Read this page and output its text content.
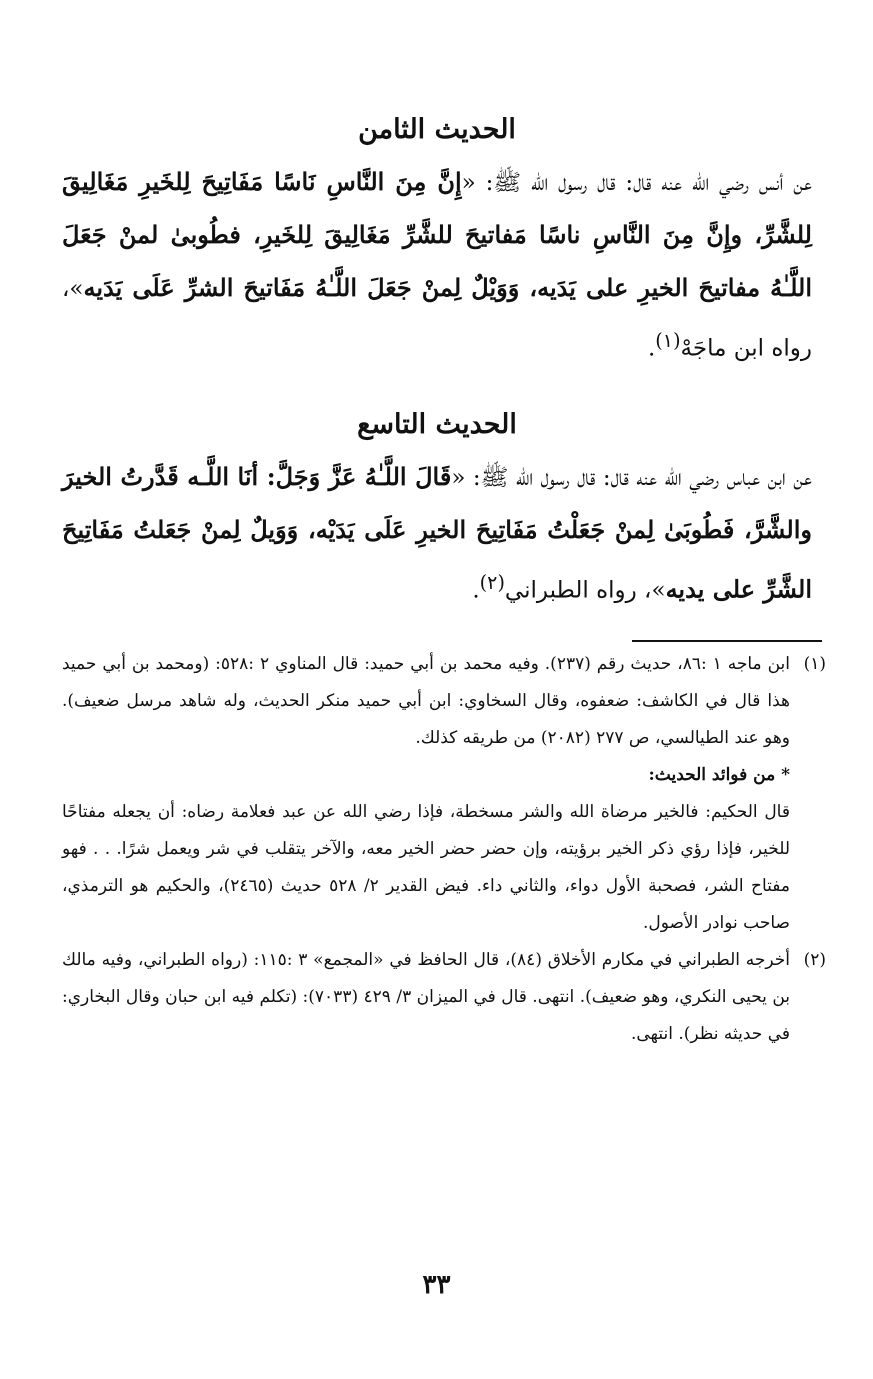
الحديث الثامن

عن أنس رضي الله عنه قال: قال رسول الله ﷺ: «إِنَّ مِنَ النَّاسِ نَاسًا مَفَاتِيحَ لِلخَيرِ مَغَالِيقَ لِلشَّرِّ، وإِنَّ مِنَ النَّاسِ ناسًا مَفاتيحَ للشَّرِّ مَغَالِيقَ لِلخَيرِ، فطُوبىٰ لمنْ جَعَلَ اللَّـٰهُ مفاتيحَ الخيرِ على يَدَيه، وَوَيْلٌ لِمنْ جَعَلَ اللَّـٰهُ مَفَاتيحَ الشرِّ عَلَى يَدَيه»، رواه ابن ماجَهْ$^{(١)}$.

الحديث التاسع

عن ابن عباس رضي الله عنه قال: قال رسول الله ﷺ: «قَالَ اللَّـٰهُ عَزَّ وَجَلَّ: أنَا اللَّـه قَدَّرتُ الخيرَ والشَّرَّ، فَطُوبَىٰ لِمنْ جَعَلْتُ مَفَاتِيحَ الخيرِ عَلَى يَدَيْه، وَوَيلٌ لِمنْ جَعَلتُ مَفَاتِيحَ الشَّرِّ على يديه»، رواه الطبراني$^{(٢)}$.

(١)

ابن ماجه ١ :٨٦، حديث رقم (٢٣٧). وفيه محمد بن أبي حميد: قال المناوي ٢ :٥٢٨: (ومحمد بن أبي حميد هذا قال في الكاشف: ضعفوه، وقال السخاوي: ابن أبي حميد منكر الحديث، وله شاهد مرسل ضعيف). وهو عند الطيالسي، ص ٢٧٧ (٢٠٨٢) من طريقه كذلك.

* من فوائد الحديث:

قال الحكيم: فالخير مرضاة الله والشر مسخطة، فإذا رضي الله عن عبد فعلامة رضاه: أن يجعله مفتاحًا للخير، فإذا رؤي ذكر الخير برؤيته، وإن حضر حضر الخير معه، والآخر يتقلب في شر ويعمل شرًا. . . فهو مفتاح الشر، فصحبة الأول دواء، والثاني داء. فيض القدير ٢/ ٥٢٨ حديث (٢٤٦٥)، والحكيم هو الترمذي، صاحب نوادر الأصول.

(٢)

أخرجه الطبراني في مكارم الأخلاق (٨٤)، قال الحافظ في «المجمع» ٣ :١١٥: (رواه الطبراني، وفيه مالك بن يحيى النكري، وهو ضعيف). انتهى. قال في الميزان ٣/ ٤٢٩ (٧٠٣٣): (تكلم فيه ابن حبان وقال البخاري: في حديثه نظر). انتهى.

٣٣
